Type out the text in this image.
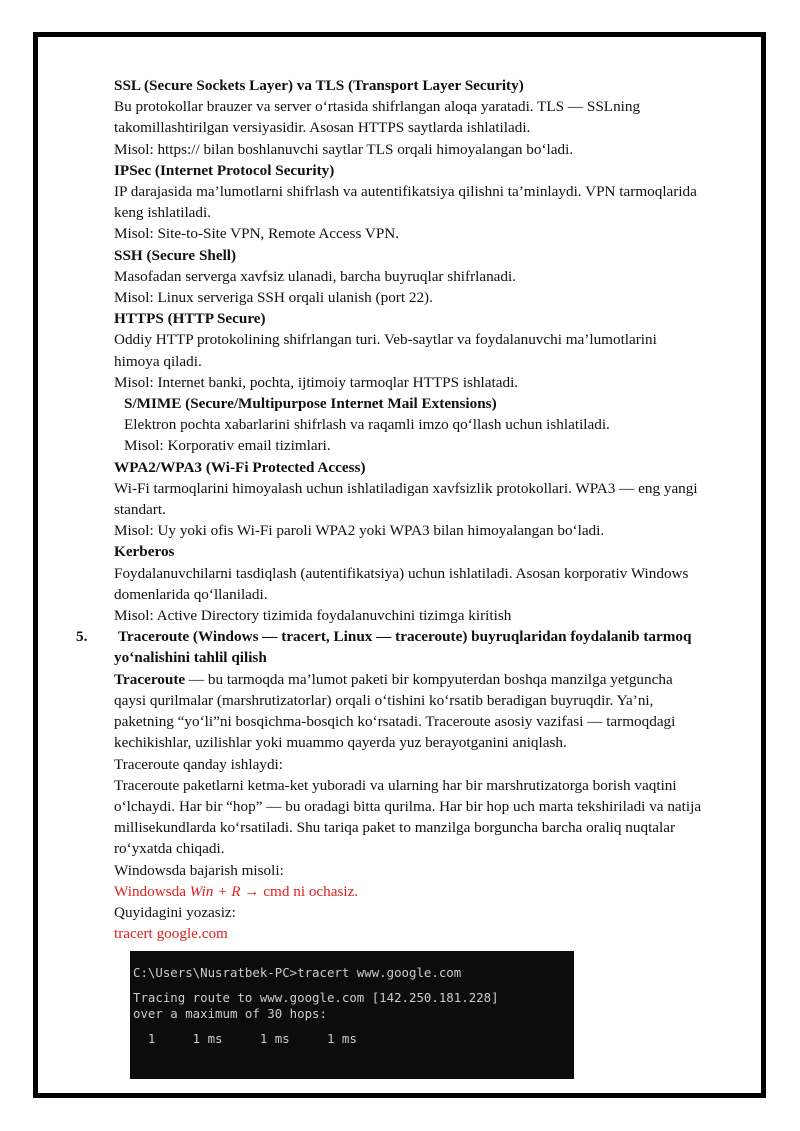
SSL (Secure Sockets Layer) va TLS (Transport Layer Security)

Bu protokollar brauzer va server o‘rtasida shifrlangan aloqa yaratadi. TLS — SSLning

takomillashtirilgan versiyasidir. Asosan HTTPS saytlarda ishlatiladi.

Misol: https:// bilan boshlanuvchi saytlar TLS orqali himoyalangan bo‘ladi.

IPSec (Internet Protocol Security)

IP darajasida ma’lumotlarni shifrlash va autentifikatsiya qilishni ta’minlaydi. VPN tarmoqlarida

keng ishlatiladi.

Misol: Site-to-Site VPN, Remote Access VPN.

SSH (Secure Shell)

Masofadan serverga xavfsiz ulanadi, barcha buyruqlar shifrlanadi.

Misol: Linux serveriga SSH orqali ulanish (port 22).

HTTPS (HTTP Secure)

Oddiy HTTP protokolining shifrlangan turi. Veb-saytlar va foydalanuvchi ma’lumotlarini

himoya qiladi.

Misol: Internet banki, pochta, ijtimoiy tarmoqlar HTTPS ishlatadi.

S/MIME (Secure/Multipurpose Internet Mail Extensions)

Elektron pochta xabarlarini shifrlash va raqamli imzo qo‘llash uchun ishlatiladi.

Misol: Korporativ email tizimlari.

WPA2/WPA3 (Wi-Fi Protected Access)

Wi-Fi tarmoqlarini himoyalash uchun ishlatiladigan xavfsizlik protokollari. WPA3 — eng yangi

standart.

Misol: Uy yoki ofis Wi-Fi paroli WPA2 yoki WPA3 bilan himoyalangan bo‘ladi.

Kerberos

Foydalanuvchilarni tasdiqlash (autentifikatsiya) uchun ishlatiladi. Asosan korporativ Windows

domenlarida qo‘llaniladi.

Misol: Active Directory tizimida foydalanuvchini tizimga kiritish

5. Traceroute (Windows — tracert, Linux — traceroute) buyruqlaridan foydalanib tarmoq

yo‘nalishini tahlil qilish

Traceroute — bu tarmoqda ma’lumot paketi bir kompyuterdan boshqa manzilga yetguncha

qaysi qurilmalar (marshrutizatorlar) orqali o‘tishini ko‘rsatib beradigan buyruqdir. Ya’ni,

paketning “yo‘li”ni bosqichma-bosqich ko‘rsatadi. Traceroute asosiy vazifasi — tarmoqdagi

kechikishlar, uzilishlar yoki muammo qayerda yuz berayotganini aniqlash.

Traceroute qanday ishlaydi:

Traceroute paketlarni ketma-ket yuboradi va ularning har bir marshrutizatorga borish vaqtini

o‘lchaydi. Har bir “hop” — bu oradagi bitta qurilma. Har bir hop uch marta tekshiriladi va natija

millisekundlarda ko‘rsatiladi. Shu tariqa paket to manzilga borguncha barcha oraliq nuqtalar

ro‘yxatda chiqadi.

Windowsda bajarish misoli:

Windowsda Win + R → cmd ni ochasiz.

Quyidagini yozasiz:

tracert google.com

C:\Users\Nusratbek-PC>tracert www.google.com
Tracing route to www.google.com [142.250.181.228]
over a maximum of 30 hops:
1     1 ms     1 ms     1 ms
